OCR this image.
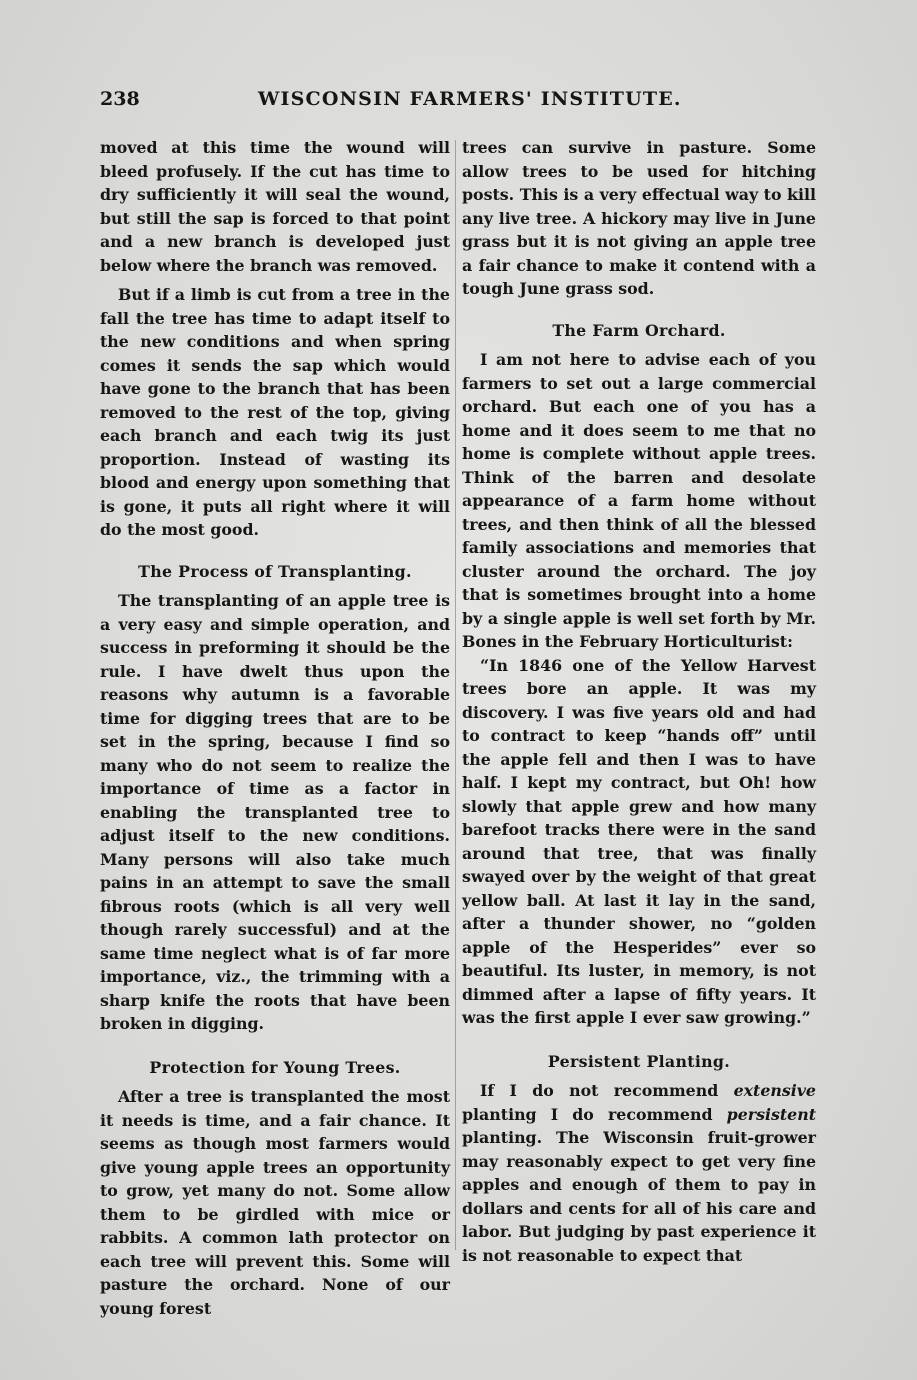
238	WISCONSIN FARMERS' INSTITUTE.

moved at this time the wound will bleed profusely. If the cut has time to dry sufficiently it will seal the wound, but still the sap is forced to that point and a new branch is developed just below where the branch was removed.

But if a limb is cut from a tree in the fall the tree has time to adapt itself to the new conditions and when spring comes it sends the sap which would have gone to the branch that has been removed to the rest of the top, giving each branch and each twig its just proportion. Instead of wasting its blood and energy upon something that is gone, it puts all right where it will do the most good.

The Process of Transplanting.

The transplanting of an apple tree is a very easy and simple operation, and success in preforming it should be the rule. I have dwelt thus upon the reasons why autumn is a favorable time for digging trees that are to be set in the spring, because I find so many who do not seem to realize the importance of time as a factor in enabling the transplanted tree to adjust itself to the new conditions. Many persons will also take much pains in an attempt to save the small fibrous roots (which is all very well though rarely successful) and at the same time neglect what is of far more importance, viz., the trimming with a sharp knife the roots that have been broken in digging.

Protection for Young Trees.

After a tree is transplanted the most it needs is time, and a fair chance. It seems as though most farmers would give young apple trees an opportunity to grow, yet many do not. Some allow them to be girdled with mice or rabbits. A common lath protector on each tree will prevent this. Some will pasture the orchard. None of our young forest

trees can survive in pasture. Some allow trees to be used for hitching posts. This is a very effectual way to kill any live tree. A hickory may live in June grass but it is not giving an apple tree a fair chance to make it contend with a tough June grass sod.

The Farm Orchard.

I am not here to advise each of you farmers to set out a large commercial orchard. But each one of you has a home and it does seem to me that no home is complete without apple trees. Think of the barren and desolate appearance of a farm home without trees, and then think of all the blessed family associations and memories that cluster around the orchard. The joy that is sometimes brought into a home by a single apple is well set forth by Mr. Bones in the February Horticulturist:

“In 1846 one of the Yellow Harvest trees bore an apple. It was my discovery. I was five years old and had to contract to keep “hands off” until the apple fell and then I was to have half. I kept my contract, but Oh! how slowly that apple grew and how many barefoot tracks there were in the sand around that tree, that was finally swayed over by the weight of that great yellow ball. At last it lay in the sand, after a thunder shower, no “golden apple of the Hesperides” ever so beautiful. Its luster, in memory, is not dimmed after a lapse of fifty years. It was the first apple I ever saw growing.”

Persistent Planting.

If I do not recommend extensive planting I do recommend persistent planting. The Wisconsin fruit-grower may reasonably expect to get very fine apples and enough of them to pay in dollars and cents for all of his care and labor. But judging by past experience it is not reasonable to expect that
